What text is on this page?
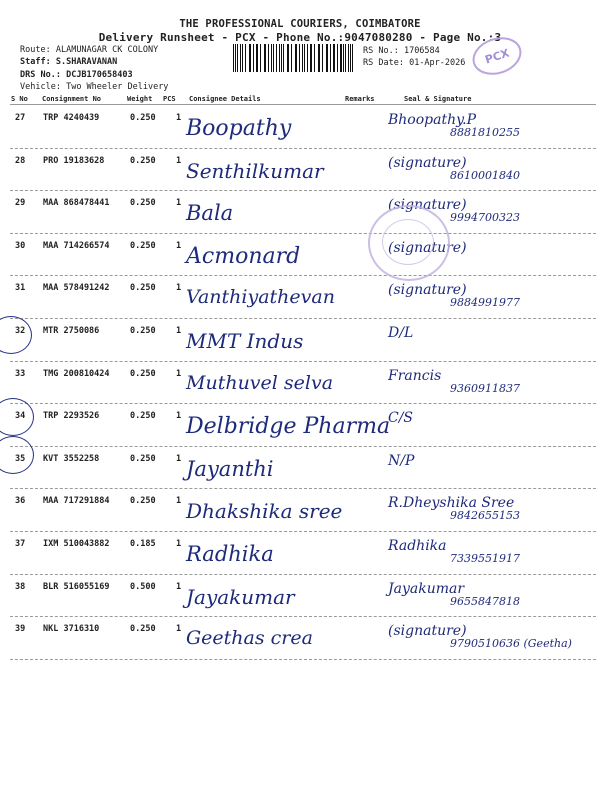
THE PROFESSIONAL COURIERS, COIMBATORE
Delivery Runsheet - PCX - Phone No.:9047080280 - Page No.:3
Route: ALAMUNAGAR CK COLONY
Staff: S.SHARAVANAN
DRS No.: DCJB170658403
Vehicle: Two Wheeler Delivery
RS No.: 1706584
RS Date: 01-Apr-2026 PCX
S No Consignment No	Weight PCS Consignee Details	Remarks	Seal & Signature
27 TRP 4240439	0.250 1 Boopathy	Bhoopathy.P
8881810255
28 PRO 19183628	0.250 1 Senthilkumar	(signature)
8610001840
29 MAA 868478441 0.250 1 Bala	(signature)
9994700323
30 MAA 714266574 0.250 1 Acmonard	(signature)
31 MAA 578491242 0.250 1 Vanthiyathevan	(signature)
9884991977
32 MTR 2750086	0.250 1 MMT Indus	D/L
33 TMG 200810424 0.250 1 Muthuvel selva	Francis
9360911837
34 TRP 2293526	0.250 1 Delbridge Pharma
C/S
35 KVT 3552258	0.250 1 Jayanthi	N/P
36 MAA 717291884 0.250 1 Dhakshika sree	R.Dheyshika Sree
9842655153
37 IXM 510043882 0.185 1 Radhika	Radhika
7339551917
38 BLR 516055169 0.500 1 Jayakumar	Jayakumar
9655847818
39 NKL 3716310	0.250 1 Geethas crea	(signature)
9790510636 (Geetha)
